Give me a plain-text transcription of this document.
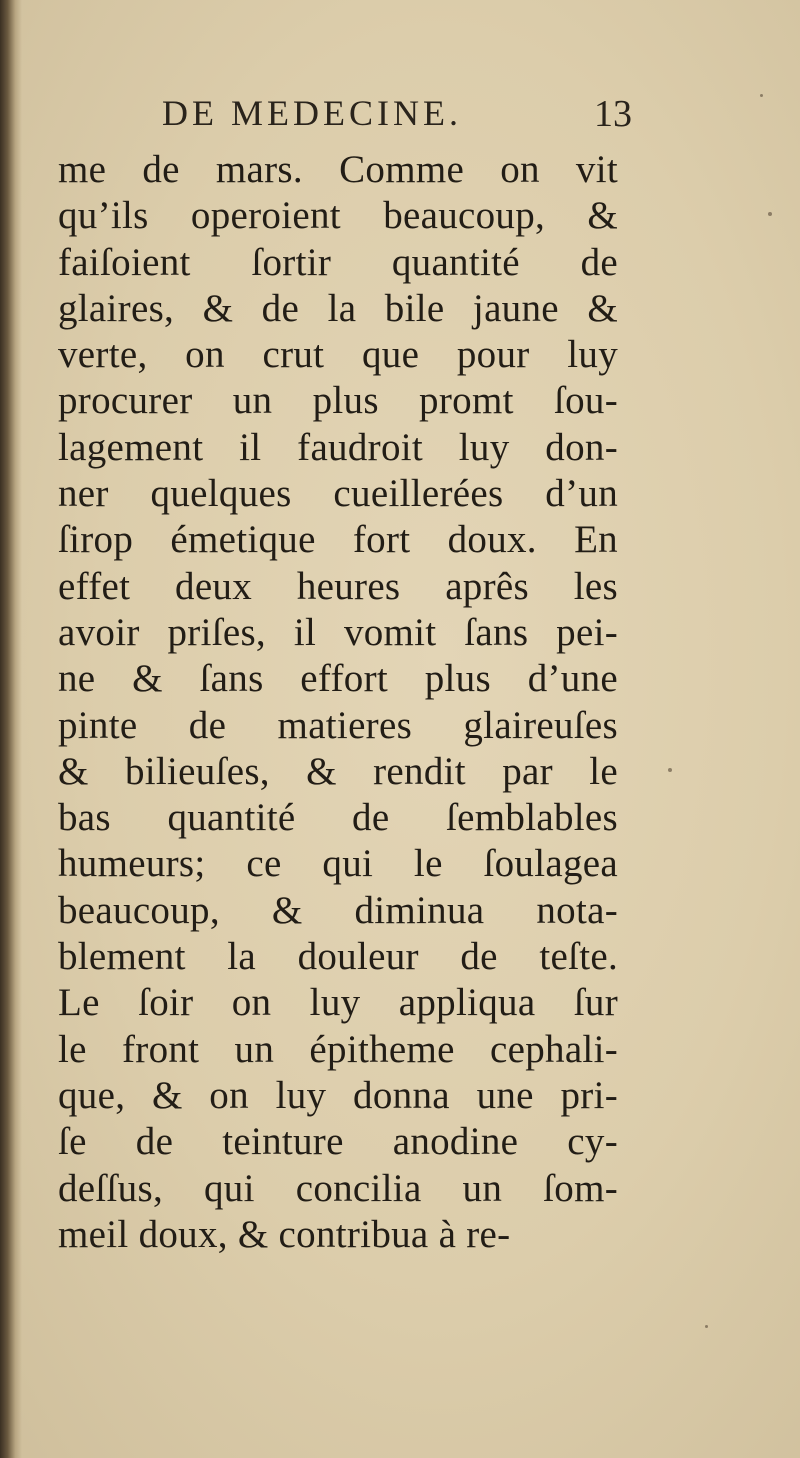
DE MEDECINE.	13
me de mars. Comme on vit
qu’ils operoient beaucoup, &
faiſoient ſortir quantité de
glaires, & de la bile jaune &
verte, on crut que pour luy
procurer un plus promt ſou-
lagement il faudroit luy don-
ner quelques cueillerées d’un
ſirop émetique fort doux. En
effet deux heures aprês les
avoir priſes, il vomit ſans pei-
ne & ſans effort plus d’une
pinte de matieres glaireuſes
& bilieuſes, & rendit par le
bas quantité de ſemblables
humeurs; ce qui le ſoulagea
beaucoup, & diminua nota-
blement la douleur de teſte.
Le ſoir on luy appliqua ſur
le front un épitheme cephali-
que, & on luy donna une pri-
ſe de teinture anodine cy-
deſſus, qui concilia un ſom-
meil doux, & contribua à re-
